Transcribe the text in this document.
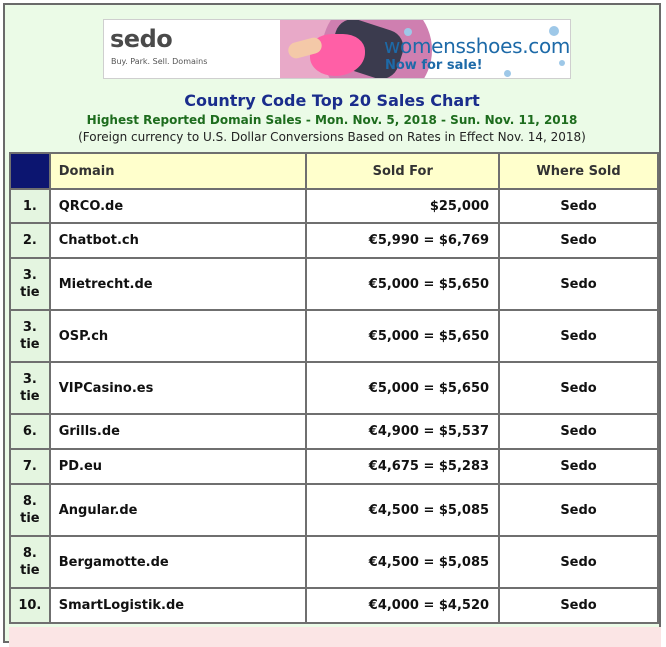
sedo
Buy. Park. Sell. Domains
womensshoes.com
Now for sale!
Country Code Top 20 Sales Chart
Highest Reported Domain Sales - Mon. Nov. 5, 2018 - Sun. Nov. 11, 2018
(Foreign currency to U.S. Dollar Conversions Based on Rates in Effect Nov. 14, 2018)
	Domain	Sold For	Where Sold
1.	QRCO.de	$25,000	Sedo
2.	Chatbot.ch	€5,990 = $6,769	Sedo
3.
tie	Mietrecht.de	€5,000 = $5,650	Sedo
3.
tie	OSP.ch	€5,000 = $5,650	Sedo
3.
tie	VIPCasino.es	€5,000 = $5,650	Sedo
6.	Grills.de	€4,900 = $5,537	Sedo
7.	PD.eu	€4,675 = $5,283	Sedo
8.
tie	Angular.de	€4,500 = $5,085	Sedo
8.
tie	Bergamotte.de	€4,500 = $5,085	Sedo
10.	SmartLogistik.de	€4,000 = $4,520	Sedo
